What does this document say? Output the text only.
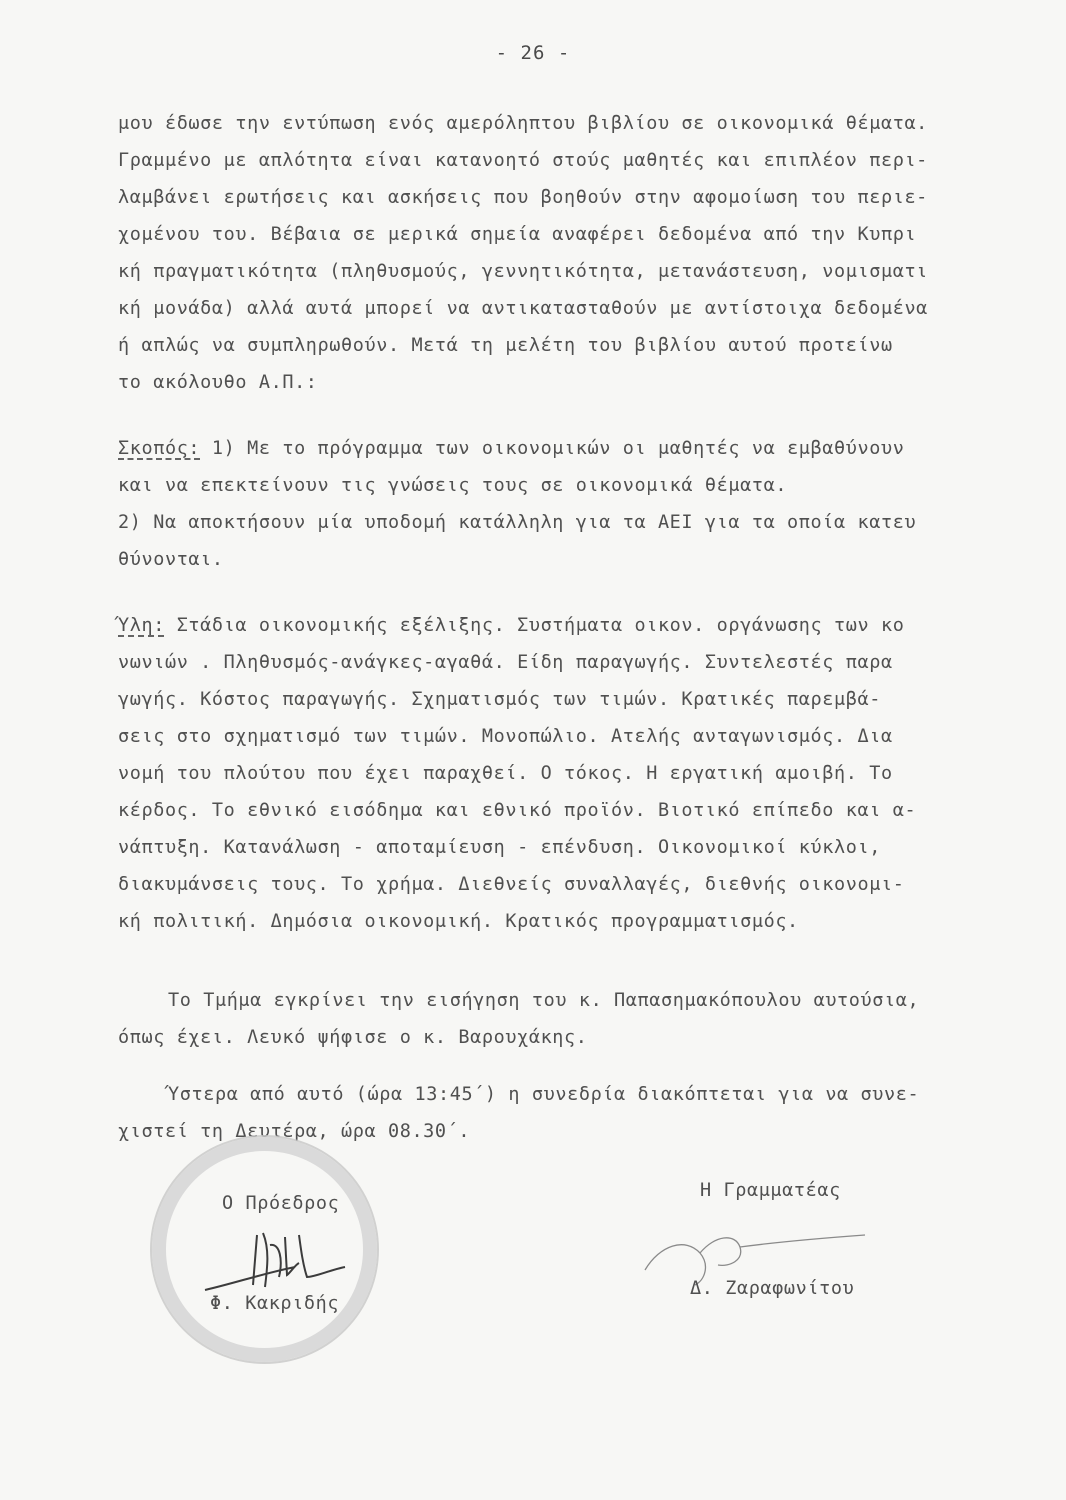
- 26 -
μου έδωσε την εντύπωση ενός αμερόληπτου βιβλίου σε οικονομικά θέματα.
Γραμμένο με απλότητα είναι κατανοητό στούς μαθητές και επιπλέον περι-
λαμβάνει ερωτήσεις και ασκήσεις που βοηθούν στην αφομοίωση του περιε-
χομένου του. Βέβαια σε μερικά σημεία αναφέρει δεδομένα από την Κυπρι
κή πραγματικότητα (πληθυσμούς, γεννητικότητα, μετανάστευση, νομισματι
κή μονάδα) αλλά αυτά μπορεί να αντικατασταθούν με αντίστοιχα δεδομένα
ή απλώς να συμπληρωθούν. Μετά τη μελέτη του βιβλίου αυτού προτείνω
το ακόλουθο Α.Π.:
Σκοπός: 1) Με το πρόγραμμα των οικονομικών οι μαθητές να εμβαθύνουν
και να επεκτείνουν τις γνώσεις τους σε οικονομικά θέματα.
2) Να αποκτήσουν μία υποδομή κατάλληλη για τα ΑΕΙ για τα οποία κατευ
θύνονται.
Ύλη: Στάδια οικονομικής εξέλιξης. Συστήματα οικον. οργάνωσης των κο
νωνιών . Πληθυσμός-ανάγκες-αγαθά. Είδη παραγωγής. Συντελεστές παρα
γωγής. Κόστος παραγωγής. Σχηματισμός των τιμών. Κρατικές παρεμβά-
σεις στο σχηματισμό των τιμών. Μονοπώλιο. Ατελής ανταγωνισμός. Δια
νομή του πλούτου που έχει παραχθεί. Ο τόκος. Η εργατική αμοιβή. Το
κέρδος. Το εθνικό εισόδημα και εθνικό προϊόν. Βιοτικό επίπεδο και α-
νάπτυξη. Κατανάλωση - αποταμίευση - επένδυση. Οικονομικοί κύκλοι,
διακυμάνσεις τους. Το χρήμα. Διεθνείς συναλλαγές, διεθνής οικονομι-
κή πολιτική. Δημόσια οικονομική. Κρατικός προγραμματισμός.
Το Τμήμα εγκρίνει την εισήγηση του κ. Παπασημακόπουλου αυτούσια,
όπως έχει. Λευκό ψήφισε ο κ. Βαρουχάκης.
Ύστερα από αυτό (ώρα 13:45΄) η συνεδρία διακόπτεται για να συνε-
χιστεί τη Δευτέρα, ώρα 08.30΄.
Ο Πρόεδρος
Φ. Κακριδής
Η Γραμματέας
Δ. Ζαραφωνίτου
